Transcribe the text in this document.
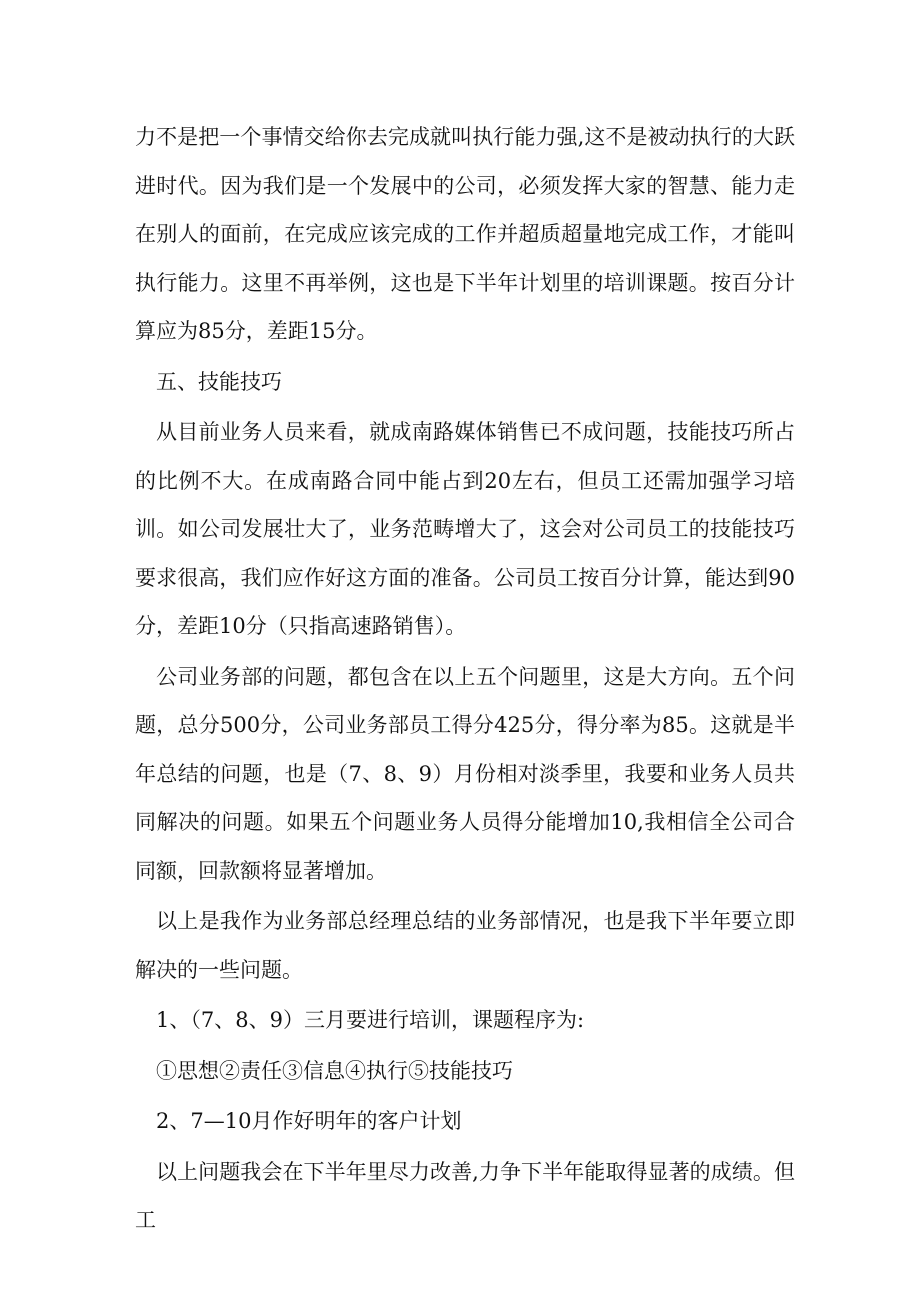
力不是把一个事情交给你去完成就叫执行能力强,这不是被动执行的大跃进时代。因为我们是一个发展中的公司，必须发挥大家的智慧、能力走在别人的面前，在完成应该完成的工作并超质超量地完成工作，才能叫执行能力。这里不再举例，这也是下半年计划里的培训课题。按百分计算应为85分，差距15分。

五、技能技巧

从目前业务人员来看，就成南路媒体销售已不成问题，技能技巧所占的比例不大。在成南路合同中能占到20左右，但员工还需加强学习培训。如公司发展壮大了，业务范畴增大了，这会对公司员工的技能技巧要求很高，我们应作好这方面的准备。公司员工按百分计算，能达到90分，差距10分（只指高速路销售）。

公司业务部的问题，都包含在以上五个问题里，这是大方向。五个问题，总分500分，公司业务部员工得分425分，得分率为85。这就是半年总结的问题，也是（7、8、9）月份相对淡季里，我要和业务人员共同解决的问题。如果五个问题业务人员得分能增加10,我相信全公司合同额，回款额将显著增加。

以上是我作为业务部总经理总结的业务部情况，也是我下半年要立即解决的一些问题。

1、（7、8、9）三月要进行培训，课题程序为:

①思想②责任③信息④执行⑤技能技巧

2、7—10月作好明年的客户计划

以上问题我会在下半年里尽力改善,力争下半年能取得显著的成绩。但工
